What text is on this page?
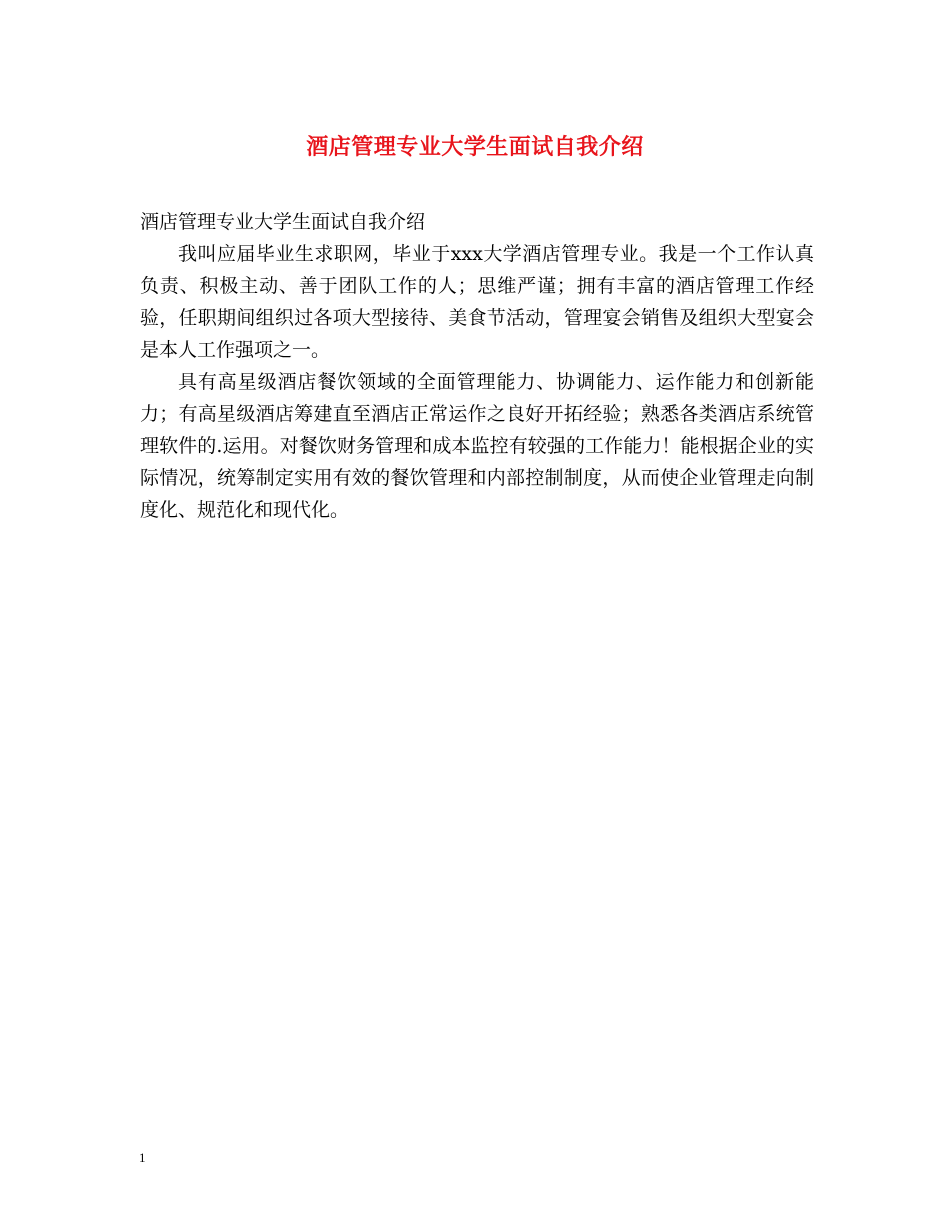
酒店管理专业大学生面试自我介绍

酒店管理专业大学生面试自我介绍

我叫应届毕业生求职网，毕业于xxx大学酒店管理专业。我是一个工作认真负责、积极主动、善于团队工作的人；思维严谨；拥有丰富的酒店管理工作经验，任职期间组织过各项大型接待、美食节活动，管理宴会销售及组织大型宴会是本人工作强项之一。

具有高星级酒店餐饮领域的全面管理能力、协调能力、运作能力和创新能力；有高星级酒店筹建直至酒店正常运作之良好开拓经验；熟悉各类酒店系统管理软件的.运用。对餐饮财务管理和成本监控有较强的工作能力！能根据企业的实际情况，统筹制定实用有效的餐饮管理和内部控制制度，从而使企业管理走向制度化、规范化和现代化。

1
